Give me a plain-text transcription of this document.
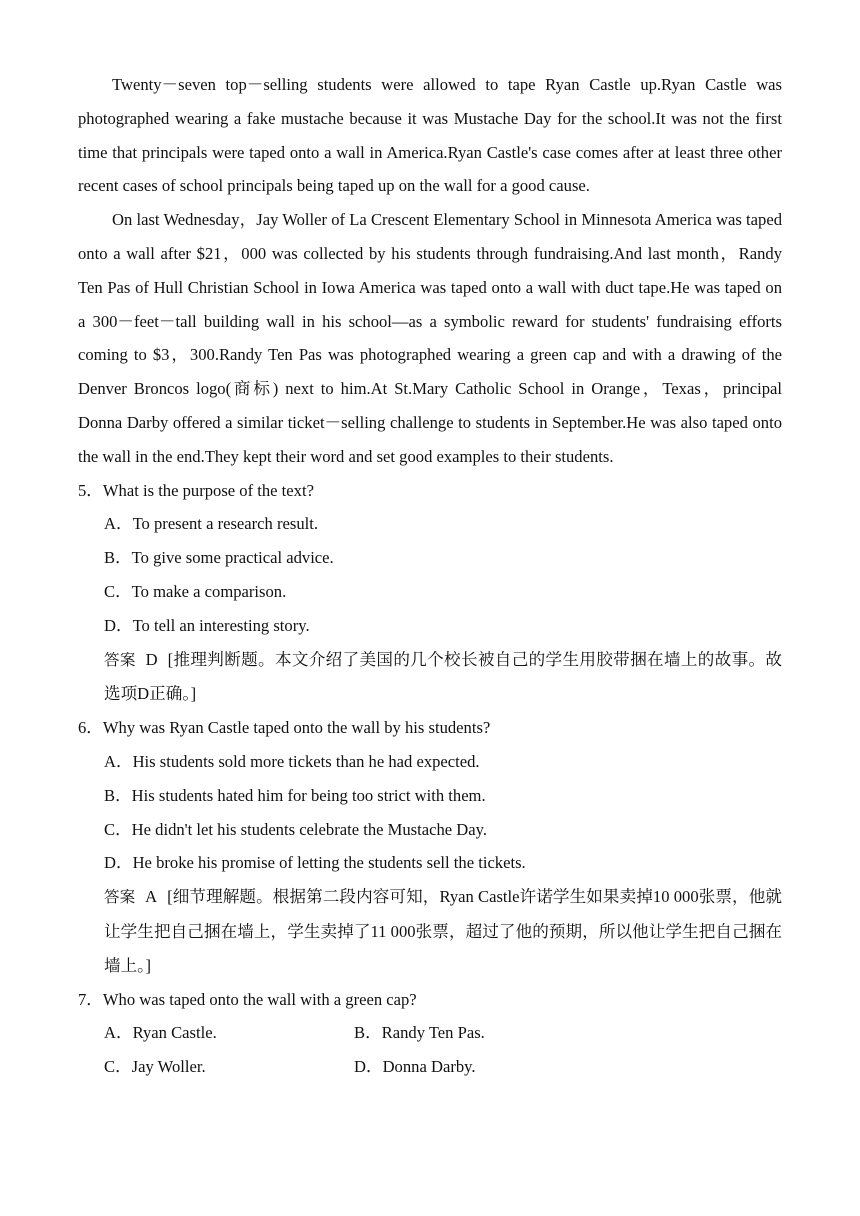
Twenty－seven top－selling students were allowed to tape Ryan Castle up.Ryan Castle was photographed wearing a fake mustache because it was Mustache Day for the school.It was not the first time that principals were taped onto a wall in America.Ryan Castle's case comes after at least three other recent cases of school principals being taped up on the wall for a good cause.

On last Wednesday，Jay Woller of La Crescent Elementary School in Minnesota America was taped onto a wall after $21，000 was collected by his students through fundraising.And last month，Randy Ten Pas of Hull Christian School in Iowa America was taped onto a wall with duct tape.He was taped on a 300－feet－tall building wall in his school—as a symbolic reward for students' fundraising efforts coming to $3，300.Randy Ten Pas was photographed wearing a green cap and with a drawing of the Denver Broncos logo(商标) next to him.At St.Mary Catholic School in Orange，Texas，principal Donna Darby offered a similar ticket－selling challenge to students in September.He was also taped onto the wall in the end.They kept their word and set good examples to their students.

5．What is the purpose of the text?

A．To present a research result.

B．To give some practical advice.

C．To make a comparison.

D．To tell an interesting story.

答案 D [推理判断题。本文介绍了美国的几个校长被自己的学生用胶带捆在墙上的故事。故选项D正确。]

6．Why was Ryan Castle taped onto the wall by his students?

A．His students sold more tickets than he had expected.

B．His students hated him for being too strict with them.

C．He didn't let his students celebrate the Mustache Day.

D．He broke his promise of letting the students sell the tickets.

答案 A [细节理解题。根据第二段内容可知，Ryan Castle许诺学生如果卖掉10 000张票，他就让学生把自己捆在墙上，学生卖掉了11 000张票，超过了他的预期，所以他让学生把自己捆在墙上。]

7．Who was taped onto the wall with a green cap?

A．Ryan Castle.	B．Randy Ten Pas.
C．Jay Woller.	D．Donna Darby.
